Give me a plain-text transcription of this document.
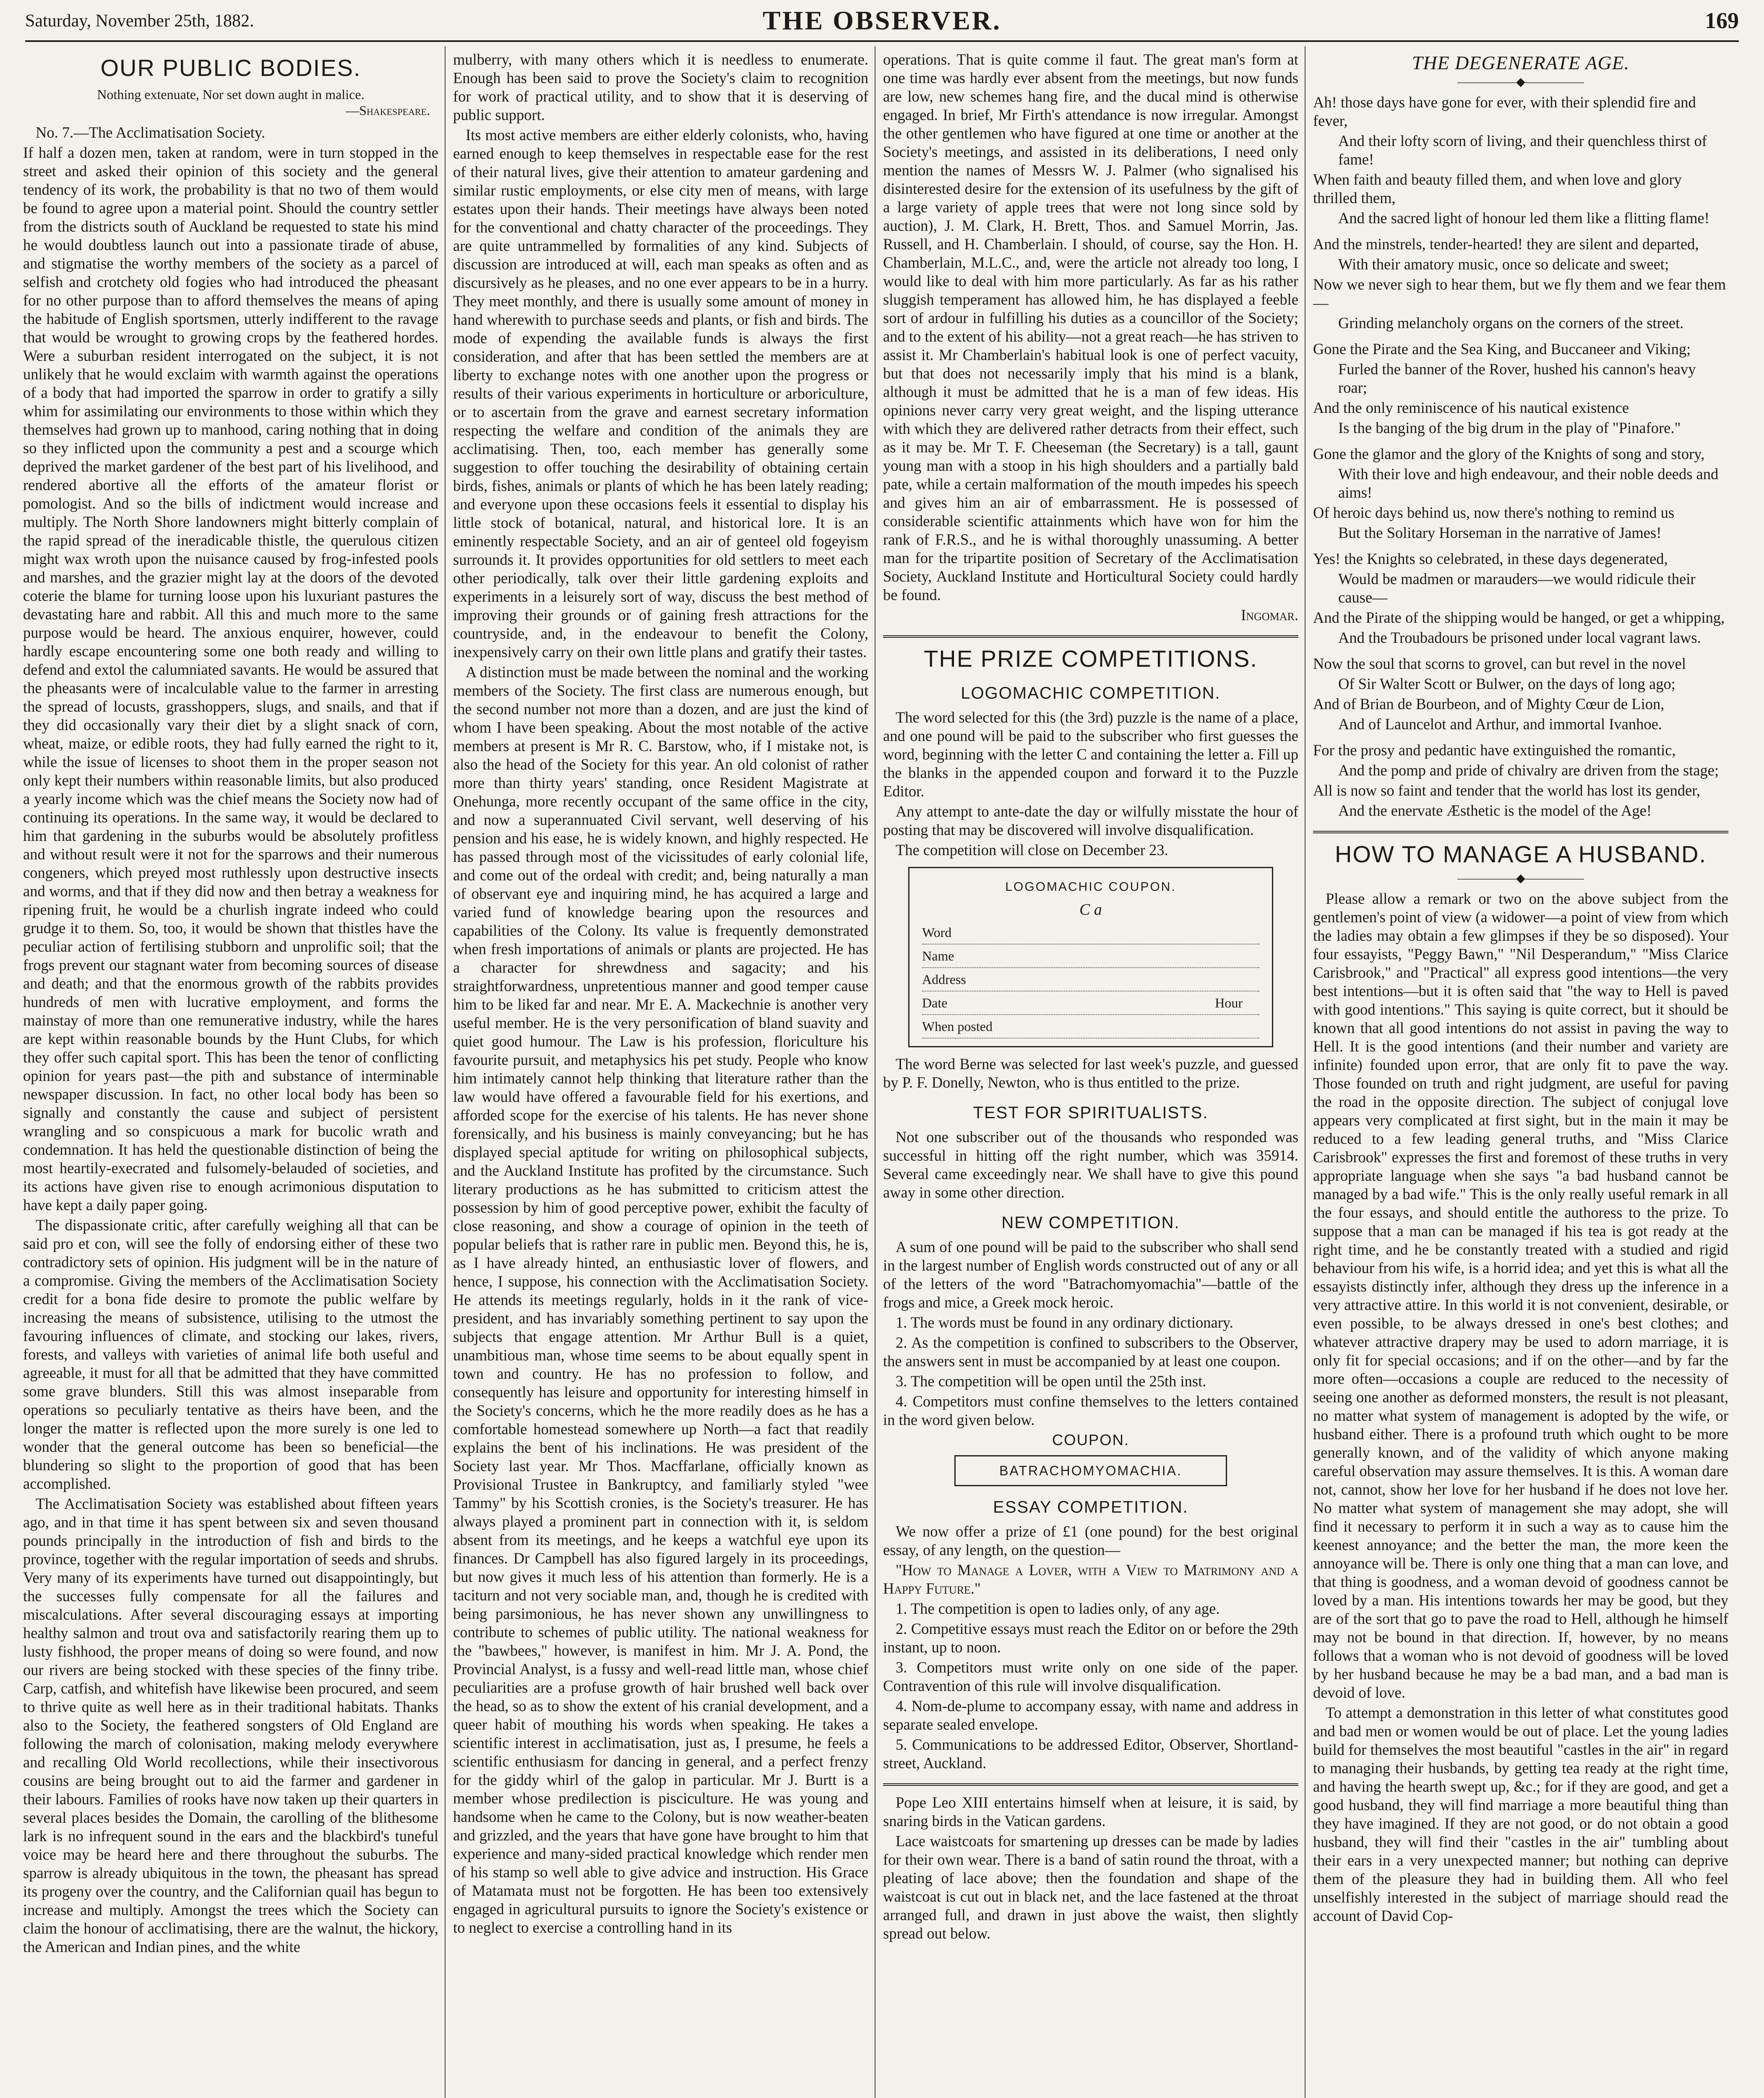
Saturday, November 25th, 1882.	THE OBSERVER.	169
OUR PUBLIC BODIES.
Nothing extenuate, Nor set down aught in malice.
—Shakespeare.

No. 7.—The Acclimatisation Society.

If half a dozen men, taken at random, were in turn stopped in the street and asked their opinion of this society and the general tendency of its work, the probability is that no two of them would be found to agree upon a material point. Should the country settler from the districts south of Auckland be requested to state his mind he would doubtless launch out into a passionate tirade of abuse, and stigmatise the worthy members of the society as a parcel of selfish and crotchety old fogies who had introduced the pheasant for no other purpose than to afford themselves the means of aping the habitude of English sportsmen, utterly indifferent to the ravage that would be wrought to growing crops by the feathered hordes. Were a suburban resident interrogated on the subject, it is not unlikely that he would exclaim with warmth against the operations of a body that had imported the sparrow in order to gratify a silly whim for assimilating our environments to those within which they themselves had grown up to manhood, caring nothing that in doing so they inflicted upon the community a pest and a scourge which deprived the market gardener of the best part of his livelihood, and rendered abortive all the efforts of the amateur florist or pomologist. And so the bills of indictment would increase and multiply. The North Shore landowners might bitterly complain of the rapid spread of the ineradicable thistle, the querulous citizen might wax wroth upon the nuisance caused by frog-infested pools and marshes, and the grazier might lay at the doors of the devoted coterie the blame for turning loose upon his luxuriant pastures the devastating hare and rabbit. All this and much more to the same purpose would be heard. The anxious enquirer, however, could hardly escape encountering some one both ready and willing to defend and extol the calumniated savants. He would be assured that the pheasants were of incalculable value to the farmer in arresting the spread of locusts, grasshoppers, slugs, and snails, and that if they did occasionally vary their diet by a slight snack of corn, wheat, maize, or edible roots, they had fully earned the right to it, while the issue of licenses to shoot them in the proper season not only kept their numbers within reasonable limits, but also produced a yearly income which was the chief means the Society now had of continuing its operations. In the same way, it would be declared to him that gardening in the suburbs would be absolutely profitless and without result were it not for the sparrows and their numerous congeners, which preyed most ruthlessly upon destructive insects and worms, and that if they did now and then betray a weakness for ripening fruit, he would be a churlish ingrate indeed who could grudge it to them. So, too, it would be shown that thistles have the peculiar action of fertilising stubborn and unprolific soil; that the frogs prevent our stagnant water from becoming sources of disease and death; and that the enormous growth of the rabbits provides hundreds of men with lucrative employment, and forms the mainstay of more than one remunerative industry, while the hares are kept within reasonable bounds by the Hunt Clubs, for which they offer such capital sport. This has been the tenor of conflicting opinion for years past—the pith and substance of interminable newspaper discussion. In fact, no other local body has been so signally and constantly the cause and subject of persistent wrangling and so conspicuous a mark for bucolic wrath and condemnation. It has held the questionable distinction of being the most heartily-execrated and fulsomely-belauded of societies, and its actions have given rise to enough acrimonious disputation to have kept a daily paper going.

The dispassionate critic, after carefully weighing all that can be said pro et con, will see the folly of endorsing either of these two contradictory sets of opinion. His judgment will be in the nature of a compromise. Giving the members of the Acclimatisation Society credit for a bona fide desire to promote the public welfare by increasing the means of subsistence, utilising to the utmost the favouring influences of climate, and stocking our lakes, rivers, forests, and valleys with varieties of animal life both useful and agreeable, it must for all that be admitted that they have committed some grave blunders. Still this was almost inseparable from operations so peculiarly tentative as theirs have been, and the longer the matter is reflected upon the more surely is one led to wonder that the general outcome has been so beneficial—the blundering so slight to the proportion of good that has been accomplished.

The Acclimatisation Society was established about fifteen years ago, and in that time it has spent between six and seven thousand pounds principally in the introduction of fish and birds to the province, together with the regular importation of seeds and shrubs. Very many of its experiments have turned out disappointingly, but the successes fully compensate for all the failures and miscalculations. After several discouraging essays at importing healthy salmon and trout ova and satisfactorily rearing them up to lusty fishhood, the proper means of doing so were found, and now our rivers are being stocked with these species of the finny tribe. Carp, catfish, and whitefish have likewise been procured, and seem to thrive quite as well here as in their traditional habitats. Thanks also to the Society, the feathered songsters of Old England are following the march of colonisation, making melody everywhere and recalling Old World recollections, while their insectivorous cousins are being brought out to aid the farmer and gardener in their labours. Families of rooks have now taken up their quarters in several places besides the Domain, the carolling of the blithesome lark is no infrequent sound in the ears and the blackbird's tuneful voice may be heard here and there throughout the suburbs. The sparrow is already ubiquitous in the town, the pheasant has spread its progeny over the country, and the Californian quail has begun to increase and multiply. Amongst the trees which the Society can claim the honour of acclimatising, there are the walnut, the hickory, the American and Indian pines, and the white

mulberry, with many others which it is needless to enumerate. Enough has been said to prove the Society's claim to recognition for work of practical utility, and to show that it is deserving of public support.

Its most active members are either elderly colonists, who, having earned enough to keep themselves in respectable ease for the rest of their natural lives, give their attention to amateur gardening and similar rustic employments, or else city men of means, with large estates upon their hands. Their meetings have always been noted for the conventional and chatty character of the proceedings. They are quite untrammelled by formalities of any kind. Subjects of discussion are introduced at will, each man speaks as often and as discursively as he pleases, and no one ever appears to be in a hurry. They meet monthly, and there is usually some amount of money in hand wherewith to purchase seeds and plants, or fish and birds. The mode of expending the available funds is always the first consideration, and after that has been settled the members are at liberty to exchange notes with one another upon the progress or results of their various experiments in horticulture or arboriculture, or to ascertain from the grave and earnest secretary information respecting the welfare and condition of the animals they are acclimatising. Then, too, each member has generally some suggestion to offer touching the desirability of obtaining certain birds, fishes, animals or plants of which he has been lately reading; and everyone upon these occasions feels it essential to display his little stock of botanical, natural, and historical lore. It is an eminently respectable Society, and an air of genteel old fogeyism surrounds it. It provides opportunities for old settlers to meet each other periodically, talk over their little gardening exploits and experiments in a leisurely sort of way, discuss the best method of improving their grounds or of gaining fresh attractions for the countryside, and, in the endeavour to benefit the Colony, inexpensively carry on their own little plans and gratify their tastes.

A distinction must be made between the nominal and the working members of the Society. The first class are numerous enough, but the second number not more than a dozen, and are just the kind of whom I have been speaking. About the most notable of the active members at present is Mr R. C. Barstow, who, if I mistake not, is also the head of the Society for this year. An old colonist of rather more than thirty years' standing, once Resident Magistrate at Onehunga, more recently occupant of the same office in the city, and now a superannuated Civil servant, well deserving of his pension and his ease, he is widely known, and highly respected. He has passed through most of the vicissitudes of early colonial life, and come out of the ordeal with credit; and, being naturally a man of observant eye and inquiring mind, he has acquired a large and varied fund of knowledge bearing upon the resources and capabilities of the Colony. Its value is frequently demonstrated when fresh importations of animals or plants are projected. He has a character for shrewdness and sagacity; and his straightforwardness, unpretentious manner and good temper cause him to be liked far and near. Mr E. A. Mackechnie is another very useful member. He is the very personification of bland suavity and quiet good humour. The Law is his profession, floriculture his favourite pursuit, and metaphysics his pet study. People who know him intimately cannot help thinking that literature rather than the law would have offered a favourable field for his exertions, and afforded scope for the exercise of his talents. He has never shone forensically, and his business is mainly conveyancing; but he has displayed special aptitude for writing on philosophical subjects, and the Auckland Institute has profited by the circumstance. Such literary productions as he has submitted to criticism attest the possession by him of good perceptive power, exhibit the faculty of close reasoning, and show a courage of opinion in the teeth of popular beliefs that is rather rare in public men. Beyond this, he is, as I have already hinted, an enthusiastic lover of flowers, and hence, I suppose, his connection with the Acclimatisation Society. He attends its meetings regularly, holds in it the rank of vice-president, and has invariably something pertinent to say upon the subjects that engage attention. Mr Arthur Bull is a quiet, unambitious man, whose time seems to be about equally spent in town and country. He has no profession to follow, and consequently has leisure and opportunity for interesting himself in the Society's concerns, which he the more readily does as he has a comfortable homestead somewhere up North—a fact that readily explains the bent of his inclinations. He was president of the Society last year. Mr Thos. Macffarlane, officially known as Provisional Trustee in Bankruptcy, and familiarly styled "wee Tammy" by his Scottish cronies, is the Society's treasurer. He has always played a prominent part in connection with it, is seldom absent from its meetings, and he keeps a watchful eye upon its finances. Dr Campbell has also figured largely in its proceedings, but now gives it much less of his attention than formerly. He is a taciturn and not very sociable man, and, though he is credited with being parsimonious, he has never shown any unwillingness to contribute to schemes of public utility. The national weakness for the "bawbees," however, is manifest in him. Mr J. A. Pond, the Provincial Analyst, is a fussy and well-read little man, whose chief peculiarities are a profuse growth of hair brushed well back over the head, so as to show the extent of his cranial development, and a queer habit of mouthing his words when speaking. He takes a scientific interest in acclimatisation, just as, I presume, he feels a scientific enthusiasm for dancing in general, and a perfect frenzy for the giddy whirl of the galop in particular. Mr J. Burtt is a member whose predilection is pisciculture. He was young and handsome when he came to the Colony, but is now weather-beaten and grizzled, and the years that have gone have brought to him that experience and many-sided practical knowledge which render men of his stamp so well able to give advice and instruction. His Grace of Matamata must not be forgotten. He has been too extensively engaged in agricultural pursuits to ignore the Society's existence or to neglect to exercise a controlling hand in its

operations. That is quite comme il faut. The great man's form at one time was hardly ever absent from the meetings, but now funds are low, new schemes hang fire, and the ducal mind is otherwise engaged. In brief, Mr Firth's attendance is now irregular. Amongst the other gentlemen who have figured at one time or another at the Society's meetings, and assisted in its deliberations, I need only mention the names of Messrs W. J. Palmer (who signalised his disinterested desire for the extension of its usefulness by the gift of a large variety of apple trees that were not long since sold by auction), J. M. Clark, H. Brett, Thos. and Samuel Morrin, Jas. Russell, and H. Chamberlain. I should, of course, say the Hon. H. Chamberlain, M.L.C., and, were the article not already too long, I would like to deal with him more particularly. As far as his rather sluggish temperament has allowed him, he has displayed a feeble sort of ardour in fulfilling his duties as a councillor of the Society; and to the extent of his ability—not a great reach—he has striven to assist it. Mr Chamberlain's habitual look is one of perfect vacuity, but that does not necessarily imply that his mind is a blank, although it must be admitted that he is a man of few ideas. His opinions never carry very great weight, and the lisping utterance with which they are delivered rather detracts from their effect, such as it may be. Mr T. F. Cheeseman (the Secretary) is a tall, gaunt young man with a stoop in his high shoulders and a partially bald pate, while a certain malformation of the mouth impedes his speech and gives him an air of embarrassment. He is possessed of considerable scientific attainments which have won for him the rank of F.R.S., and he is withal thoroughly unassuming. A better man for the tripartite position of Secretary of the Acclimatisation Society, Auckland Institute and Horticultural Society could hardly be found.

Ingomar.

THE PRIZE COMPETITIONS.
LOGOMACHIC COMPETITION.

The word selected for this (the 3rd) puzzle is the name of a place, and one pound will be paid to the subscriber who first guesses the word, beginning with the letter C and containing the letter a. Fill up the blanks in the appended coupon and forward it to the Puzzle Editor.

Any attempt to ante-date the day or wilfully misstate the hour of posting that may be discovered will involve disqualification.

The competition will close on December 23.

LOGOMACHIC COUPON.
C a
Word
Name
Address
Date	Hour
When posted

The word Berne was selected for last week's puzzle, and guessed by P. F. Donelly, Newton, who is thus entitled to the prize.

TEST FOR SPIRITUALISTS.

Not one subscriber out of the thousands who responded was successful in hitting off the right number, which was 35914. Several came exceedingly near. We shall have to give this pound away in some other direction.

NEW COMPETITION.

A sum of one pound will be paid to the subscriber who shall send in the largest number of English words constructed out of any or all of the letters of the word "Batrachomyomachia"—battle of the frogs and mice, a Greek mock heroic.

1. The words must be found in any ordinary dictionary.

2. As the competition is confined to subscribers to the Observer, the answers sent in must be accompanied by at least one coupon.

3. The competition will be open until the 25th inst.

4. Competitors must confine themselves to the letters contained in the word given below.

COUPON.
BATRACHOMYOMACHIA.
ESSAY COMPETITION.

We now offer a prize of £1 (one pound) for the best original essay, of any length, on the question—

"How to Manage a Lover, with a View to Matrimony and a Happy Future."

1. The competition is open to ladies only, of any age.

2. Competitive essays must reach the Editor on or before the 29th instant, up to noon.

3. Competitors must write only on one side of the paper. Contravention of this rule will involve disqualification.

4. Nom-de-plume to accompany essay, with name and address in separate sealed envelope.

5. Communications to be addressed Editor, Observer, Shortland-street, Auckland.

Pope Leo XIII entertains himself when at leisure, it is said, by snaring birds in the Vatican gardens.

Lace waistcoats for smartening up dresses can be made by ladies for their own wear. There is a band of satin round the throat, with a pleating of lace above; then the foundation and shape of the waistcoat is cut out in black net, and the lace fastened at the throat arranged full, and drawn in just above the waist, then slightly spread out below.

THE DEGENERATE AGE.
—————◆—————

Ah! those days have gone for ever, with their splendid fire and fever,

And their lofty scorn of living, and their quenchless thirst of fame!

When faith and beauty filled them, and when love and glory thrilled them,

And the sacred light of honour led them like a flitting flame!

And the minstrels, tender-hearted! they are silent and departed,

With their amatory music, once so delicate and sweet;

Now we never sigh to hear them, but we fly them and we fear them—

Grinding melancholy organs on the corners of the street.

Gone the Pirate and the Sea King, and Buccaneer and Viking;

Furled the banner of the Rover, hushed his cannon's heavy roar;

And the only reminiscence of his nautical existence

Is the banging of the big drum in the play of "Pinafore."

Gone the glamor and the glory of the Knights of song and story,

With their love and high endeavour, and their noble deeds and aims!

Of heroic days behind us, now there's nothing to remind us

But the Solitary Horseman in the narrative of James!

Yes! the Knights so celebrated, in these days degenerated,

Would be madmen or marauders—we would ridicule their cause—

And the Pirate of the shipping would be hanged, or get a whipping,

And the Troubadours be prisoned under local vagrant laws.

Now the soul that scorns to grovel, can but revel in the novel

Of Sir Walter Scott or Bulwer, on the days of long ago;

And of Brian de Bourbeon, and of Mighty Cœur de Lion,

And of Launcelot and Arthur, and immortal Ivanhoe.

For the prosy and pedantic have extinguished the romantic,

And the pomp and pride of chivalry are driven from the stage;

All is now so faint and tender that the world has lost its gender,

And the enervate Æsthetic is the model of the Age!

HOW TO MANAGE A HUSBAND.
—————◆—————

Please allow a remark or two on the above subject from the gentlemen's point of view (a widower—a point of view from which the ladies may obtain a few glimpses if they be so disposed). Your four essayists, "Peggy Bawn," "Nil Desperandum," "Miss Clarice Carisbrook," and "Practical" all express good intentions—the very best intentions—but it is often said that "the way to Hell is paved with good intentions." This saying is quite correct, but it should be known that all good intentions do not assist in paving the way to Hell. It is the good intentions (and their number and variety are infinite) founded upon error, that are only fit to pave the way. Those founded on truth and right judgment, are useful for paving the road in the opposite direction. The subject of conjugal love appears very complicated at first sight, but in the main it may be reduced to a few leading general truths, and "Miss Clarice Carisbrook" expresses the first and foremost of these truths in very appropriate language when she says "a bad husband cannot be managed by a bad wife." This is the only really useful remark in all the four essays, and should entitle the authoress to the prize. To suppose that a man can be managed if his tea is got ready at the right time, and he be constantly treated with a studied and rigid behaviour from his wife, is a horrid idea; and yet this is what all the essayists distinctly infer, although they dress up the inference in a very attractive attire. In this world it is not convenient, desirable, or even possible, to be always dressed in one's best clothes; and whatever attractive drapery may be used to adorn marriage, it is only fit for special occasions; and if on the other—and by far the more often—occasions a couple are reduced to the necessity of seeing one another as deformed monsters, the result is not pleasant, no matter what system of management is adopted by the wife, or husband either. There is a profound truth which ought to be more generally known, and of the validity of which anyone making careful observation may assure themselves. It is this. A woman dare not, cannot, show her love for her husband if he does not love her. No matter what system of management she may adopt, she will find it necessary to perform it in such a way as to cause him the keenest annoyance; and the better the man, the more keen the annoyance will be. There is only one thing that a man can love, and that thing is goodness, and a woman devoid of goodness cannot be loved by a man. His intentions towards her may be good, but they are of the sort that go to pave the road to Hell, although he himself may not be bound in that direction. If, however, by no means follows that a woman who is not devoid of goodness will be loved by her husband because he may be a bad man, and a bad man is devoid of love.

To attempt a demonstration in this letter of what constitutes good and bad men or women would be out of place. Let the young ladies build for themselves the most beautiful "castles in the air" in regard to managing their husbands, by getting tea ready at the right time, and having the hearth swept up, &c.; for if they are good, and get a good husband, they will find marriage a more beautiful thing than they have imagined. If they are not good, or do not obtain a good husband, they will find their "castles in the air" tumbling about their ears in a very unexpected manner; but nothing can deprive them of the pleasure they had in building them. All who feel unselfishly interested in the subject of marriage should read the account of David Cop-
